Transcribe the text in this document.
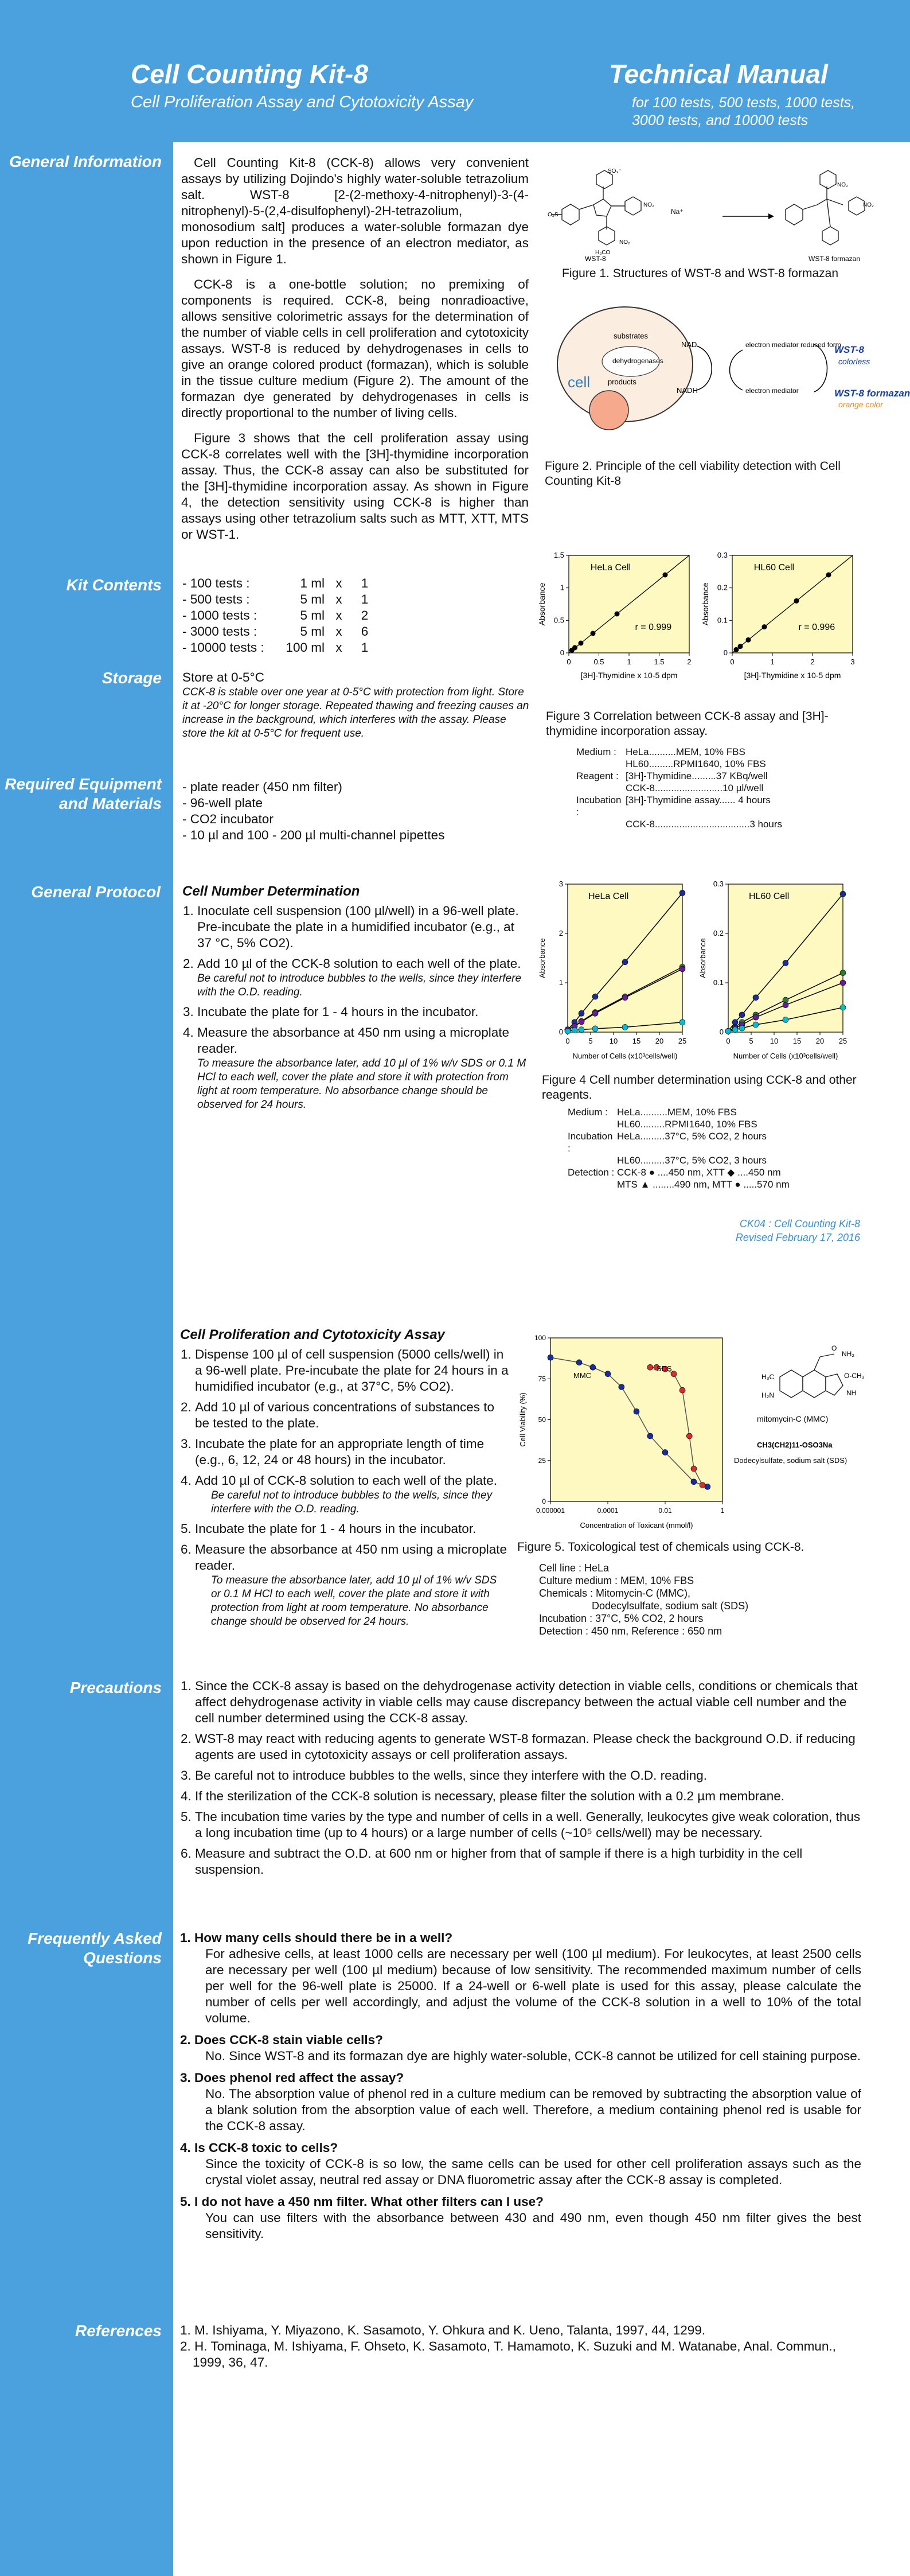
Cell Counting Kit-8
Cell Proliferation Assay and Cytotoxicity Assay
Technical Manual
for 100 tests, 500 tests, 1000 tests, 3000 tests, and 10000 tests
General Information
Kit Contents
Storage
Required Equipment and Materials
General Protocol
Precautions
Frequently Asked Questions
References

Cell Counting Kit-8 (CCK-8) allows very convenient assays by utilizing Dojindo's highly water-soluble tetrazolium salt. WST-8 [2-(2-methoxy-4-nitrophenyl)-3-(4-nitrophenyl)-5-(2,4-disulfophenyl)-2H-tetrazolium, monosodium salt] produces a water-soluble formazan dye upon reduction in the presence of an electron mediator, as shown in Figure 1.

CCK-8 is a one-bottle solution; no premixing of components is required. CCK-8, being nonradioactive, allows sensitive colorimetric assays for the determination of the number of viable cells in cell proliferation and cytotoxicity assays. WST-8 is reduced by dehydrogenases in cells to give an orange colored product (formazan), which is soluble in the tissue culture medium (Figure 2). The amount of the formazan dye generated by dehydrogenases in cells is directly proportional to the number of living cells.

Figure 3 shows that the cell proliferation assay using CCK-8 correlates well with the [3H]-thymidine incorporation assay. Thus, the CCK-8 assay can also be substituted for the [3H]-thymidine incorporation assay. As shown in Figure 4, the detection sensitivity using CCK-8 is higher than assays using other tetrazolium salts such as MTT, XTT, MTS or WST-1.

O₃S
NO₂
SO₃⁻
H₃CO
NO₂
Na⁺
NO₂
NO₂
WST-8	WST-8 formazan
Figure 1. Structures of WST-8 and WST-8 formazan
substrates
dehydrogenases
products
cell
NAD
NADH
electron mediator reduced form
electron mediator
WST-8
colorless
WST-8 formazan
orange color
Figure 2. Principle of the cell viability detection with Cell Counting Kit-8
- 100 tests :	1 ml x	1
- 500 tests :	5 ml x	1
- 1000 tests :	5 ml x	2
- 3000 tests :	5 ml x	6
- 10000 tests :	100 ml x	1
0	0.5	1	1.5	2
0
0.5
1
1.5
[3H]-Thymidine x 10-5 dpm
Absorbance
HeLa Cell
r = 0.999
0	1	2	3
0
0.1
0.2
0.3
[3H]-Thymidine x 10-5 dpm
Absorbance
HL60 Cell
r = 0.996
Figure 3 Correlation between CCK-8 assay and [3H]-thymidine incorporation assay.
Medium : HeLa..........MEM, 10% FBS
HL60.........RPMI1640, 10% FBS
Reagent : [3H]-Thymidine.........37 KBq/well
CCK-8.........................10 µl/well
Incubation :
[3H]-Thymidine assay...... 4 hours
CCK-8...................................3 hours
Store at 0-5°C
CCK-8 is stable over one year at 0-5°C with protection from light. Store it at -20°C for longer storage. Repeated thawing and freezing causes an increase in the background, which interferes with the assay. Please store the kit at 0-5°C for frequent use.
- plate reader (450 nm filter)
- 96-well plate
- CO2 incubator
- 10 µl and 100 - 200 µl multi-channel pipettes
Cell Number Determination
1. Inoculate cell suspension (100 µl/well) in a 96-well plate. Pre-incubate the plate in a humidified incubator (e.g., at 37 °C, 5% CO2).
2. Add 10 µl of the CCK-8 solution to each well of the plate.
Be careful not to introduce bubbles to the wells, since they interfere with the O.D. reading.
3. Incubate the plate for 1 - 4 hours in the incubator.
4. Measure the absorbance at 450 nm using a microplate reader.
To measure the absorbance later, add 10 µl of 1% w/v SDS or 0.1 M HCl to each well, cover the plate and store it with protection from light at room temperature. No absorbance change should be observed for 24 hours.
0	5 10 15 20 25
0
1
2
3
Number of Cells (x10³cells/well)
Absorbance
HeLa Cell
0	5 10 15 20 25
0
0.1
0.2
0.3
Number of Cells (x10³cells/well)
Absorbance
HL60 Cell
Figure 4 Cell number determination using CCK-8 and other reagents.
Medium : HeLa..........MEM, 10% FBS
HL60.........RPMI1640, 10% FBS
Incubation :
HeLa.........37°C, 5% CO2, 2 hours
HL60.........37°C, 5% CO2, 3 hours
Detection : CCK-8 ● ....450 nm, XTT ◆ ....450 nm
MTS ▲ ........490 nm, MTT ● .....570 nm
CK04 : Cell Counting Kit-8
Revised February 17, 2016
Cell Proliferation and Cytotoxicity Assay
1. Dispense 100 µl of cell suspension (5000 cells/well) in a 96-well plate. Pre-incubate the plate for 24 hours in a humidified incubator (e.g., at 37°C, 5% CO2).
2. Add 10 µl of various concentrations of substances to be tested to the plate.
3. Incubate the plate for an appropriate length of time (e.g., 6, 12, 24 or 48 hours) in the incubator.
4. Add 10 µl of CCK-8 solution to each well of the plate.
Be careful not to introduce bubbles to the wells, since they interfere with the O.D. reading.
5. Incubate the plate for 1 - 4 hours in the incubator.
6. Measure the absorbance at 450 nm using a microplate reader.
To measure the absorbance later, add 10 µl of 1% w/v SDS or 0.1 M HCl to each well, cover the plate and store it with protection from light at room temperature. No absorbance change should be observed for 24 hours.
0.000001	0.0001	0.01	1
0
25
50
75
100
Concentration of Toxicant (mmol/l)
Cell Viability (%)
MMC
SDS
O
NH₂
H₃C
H₂N
O-CH₃
NH
mitomycin-C (MMC)
CH3(CH2)11-OSO3Na
Dodecylsulfate, sodium salt (SDS)
Figure 5. Toxicological test of chemicals using CCK-8.
Cell line : HeLa
Culture medium : MEM, 10% FBS
Chemicals : Mitomycin-C (MMC),
Dodecylsulfate, sodium salt (SDS)
Incubation : 37°C, 5% CO2, 2 hours
Detection : 450 nm, Reference : 650 nm
1. Since the CCK-8 assay is based on the dehydrogenase activity detection in viable cells, conditions or chemicals that affect dehydrogenase activity in viable cells may cause discrepancy between the actual viable cell number and the cell number determined using the CCK-8 assay.
2. WST-8 may react with reducing agents to generate WST-8 formazan. Please check the background O.D. if reducing agents are used in cytotoxicity assays or cell proliferation assays.
3. Be careful not to introduce bubbles to the wells, since they interfere with the O.D. reading.
4. If the sterilization of the CCK-8 solution is necessary, please filter the solution with a 0.2 µm membrane.
5. The incubation time varies by the type and number of cells in a well. Generally, leukocytes give weak coloration, thus a long incubation time (up to 4 hours) or a large number of cells (~10⁵ cells/well) may be necessary.
6. Measure and subtract the O.D. at 600 nm or higher from that of sample if there is a high turbidity in the cell suspension.
1. How many cells should there be in a well?
For adhesive cells, at least 1000 cells are necessary per well (100 µl medium). For leukocytes, at least 2500 cells are necessary per well (100 µl medium) because of low sensitivity. The recommended maximum number of cells per well for the 96-well plate is 25000. If a 24-well or 6-well plate is used for this assay, please calculate the number of cells per well accordingly, and adjust the volume of the CCK-8 solution in a well to 10% of the total volume.
2. Does CCK-8 stain viable cells?
No. Since WST-8 and its formazan dye are highly water-soluble, CCK-8 cannot be utilized for cell staining purpose.
3. Does phenol red affect the assay?
No. The absorption value of phenol red in a culture medium can be removed by subtracting the absorption value of a blank solution from the absorption value of each well. Therefore, a medium containing phenol red is usable for the CCK-8 assay.
4. Is CCK-8 toxic to cells?
Since the toxicity of CCK-8 is so low, the same cells can be used for other cell proliferation assays such as the crystal violet assay, neutral red assay or DNA fluorometric assay after the CCK-8 assay is completed.
5. I do not have a 450 nm filter. What other filters can I use?
You can use filters with the absorbance between 430 and 490 nm, even though 450 nm filter gives the best sensitivity.
1. M. Ishiyama, Y. Miyazono, K. Sasamoto, Y. Ohkura and K. Ueno, Talanta, 1997, 44, 1299.
2. H. Tominaga, M. Ishiyama, F. Ohseto, K. Sasamoto, T. Hamamoto, K. Suzuki and M. Watanabe, Anal. Commun., 1999, 36, 47.
